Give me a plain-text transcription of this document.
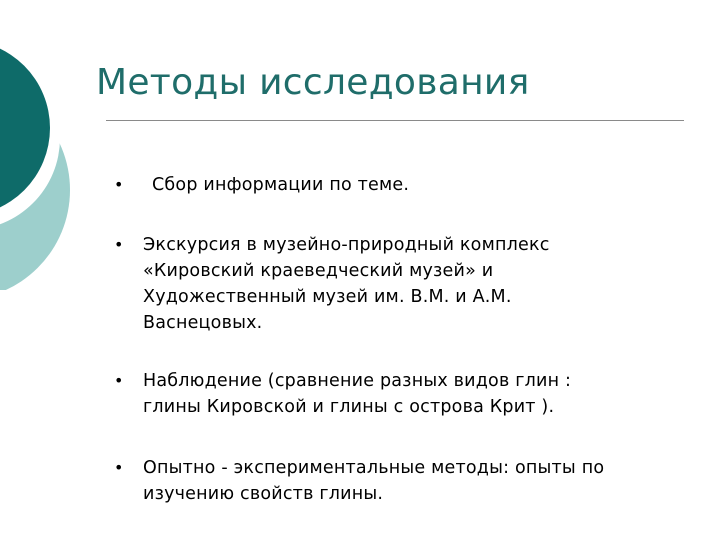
Методы исследования
• Сбор информации по теме.
• Экскурсия в музейно-природный комплекс
«Кировский краеведческий музей» и
Художественный музей им. В.М. и А.М.
Васнецовых.
• Наблюдение (сравнение разных видов глин :
глины Кировской и глины с острова Крит ).
• Опытно - экспериментальные методы: опыты по
изучению свойств глины.
